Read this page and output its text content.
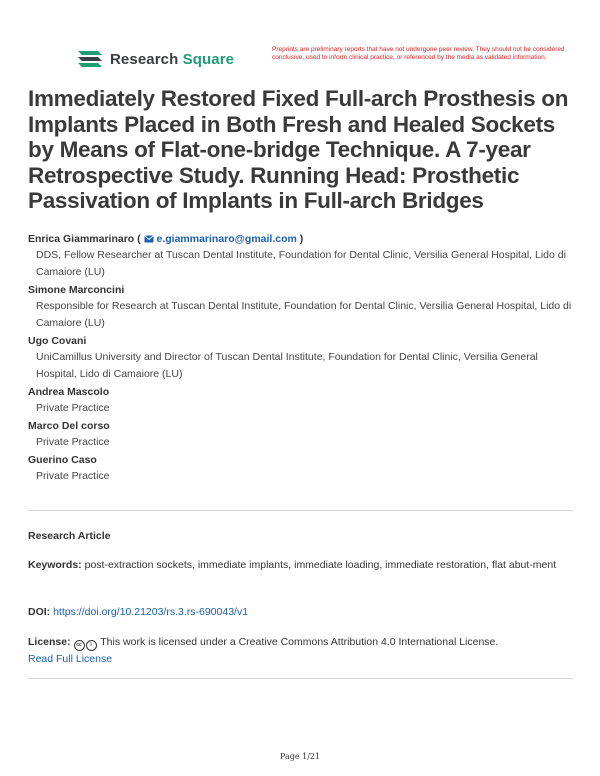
Research Square
Preprints are preliminary reports that have not undergone peer review. They should not be considered conclusive, used to inform clinical practice, or referenced by the media as validated information.
Immediately Restored Fixed Full-arch Prosthesis on Implants Placed in Both Fresh and Healed Sockets by Means of Flat-one-bridge Technique. A 7-year Retrospective Study. Running Head: Prosthetic Passivation of Implants in Full-arch Bridges
Enrica Giammarinaro (  e.giammarinaro@gmail.com )
DDS, Fellow Researcher at Tuscan Dental Institute, Foundation for Dental Clinic, Versilia General Hospital, Lido di Camaiore (LU)
Simone Marconcini
Responsible for Research at Tuscan Dental Institute, Foundation for Dental Clinic, Versilia General Hospital, Lido di Camaiore (LU)
Ugo Covani
UniCamillus University and Director of Tuscan Dental Institute, Foundation for Dental Clinic, Versilia General Hospital, Lido di Camaiore (LU)
Andrea Mascolo
Private Practice
Marco Del corso
Private Practice
Guerino Caso
Private Practice
Research Article
Keywords: post-extraction sockets, immediate implants, immediate loading, immediate restoration, flat abut-ment
DOI: https://doi.org/10.21203/rs.3.rs-690043/v1
License: cc i This work is licensed under a Creative Commons Attribution 4.0 International License.
Read Full License
Page 1/21
